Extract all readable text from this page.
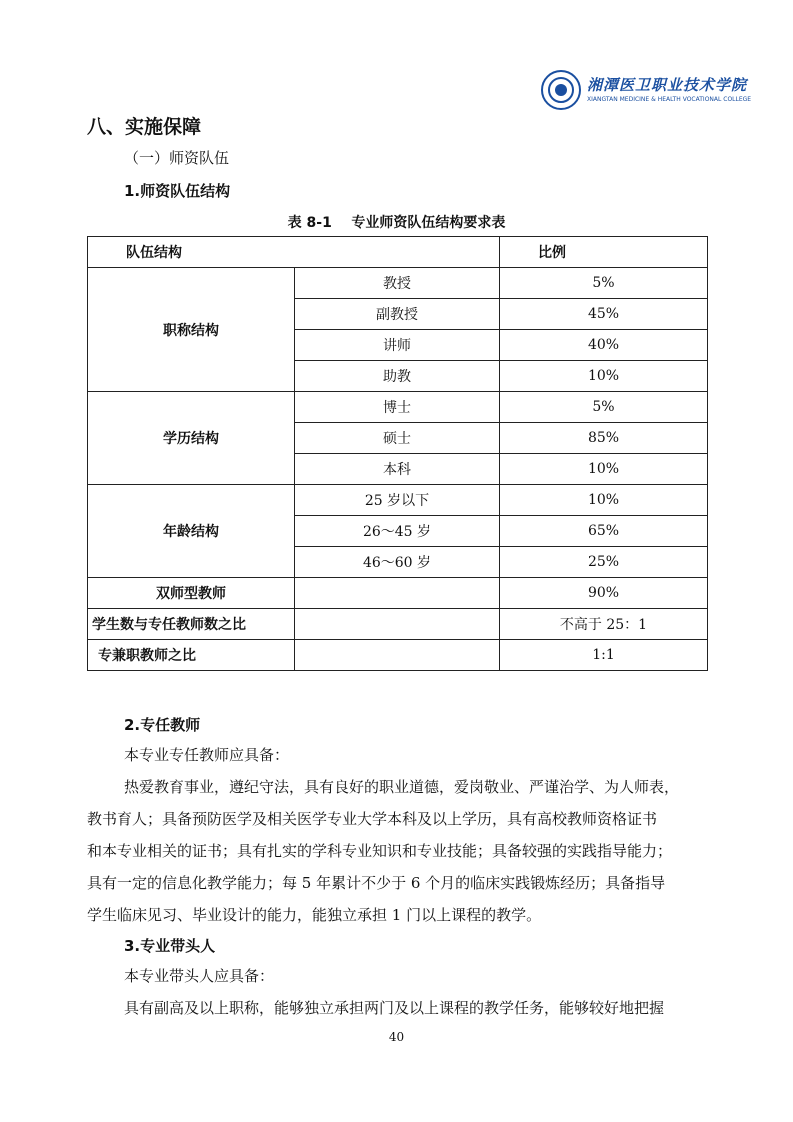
湘潭医卫职业技术学院
XIANGTAN MEDICINE & HEALTH VOCATIONAL COLLEGE
八、实施保障
（一）师资队伍
1.师资队伍结构
表 8-1    专业师资队伍结构要求表
队伍结构		比例
职称结构	教授	5%
	副教授	45%
	讲师	40%
	助教	10%
学历结构	博士	5%
	硕士	85%
	本科	10%
年龄结构	25 岁以下	10%
	26～45 岁	65%
	46～60 岁	25%
双师型教师		90%
学生数与专任教师数之比		不高于 25：1
专兼职教师之比		1:1
2.专任教师
本专业专任教师应具备：
热爱教育事业，遵纪守法，具有良好的职业道德，爱岗敬业、严谨治学、为人师表，
教书育人；具备预防医学及相关医学专业大学本科及以上学历，具有高校教师资格证书
和本专业相关的证书；具有扎实的学科专业知识和专业技能；具备较强的实践指导能力；
具有一定的信息化教学能力；每 5 年累计不少于 6 个月的临床实践锻炼经历；具备指导
学生临床见习、毕业设计的能力，能独立承担 1 门以上课程的教学。
3.专业带头人
本专业带头人应具备：
具有副高及以上职称，能够独立承担两门及以上课程的教学任务，能够较好地把握
40
